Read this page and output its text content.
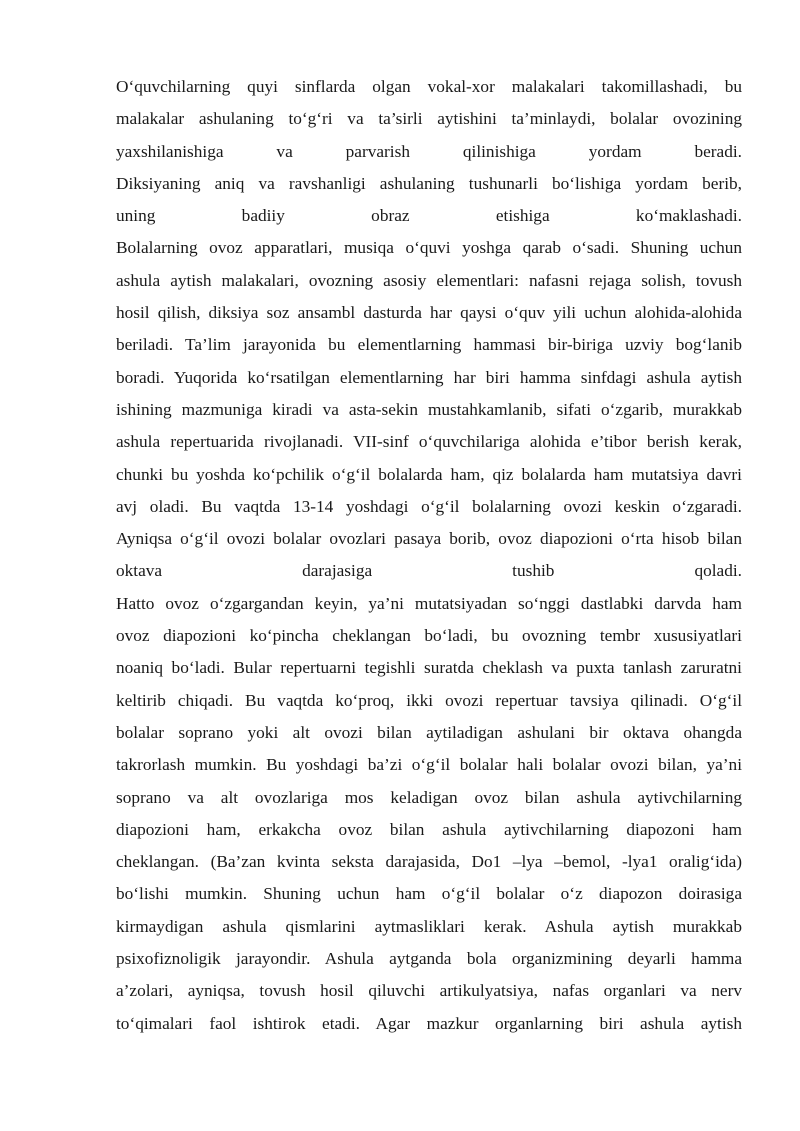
O‘quvchilarning quyi sinflarda olgan vokal-xor malakalari takomillashadi, bu
malakalar ashulaning to‘g‘ri va ta’sirli aytishini ta’minlaydi, bolalar ovozining
yaxshilanishiga va parvarish qilinishiga yordam beradi.
Diksiyaning aniq va ravshanligi ashulaning tushunarli bo‘lishiga yordam berib,
uning badiiy obraz etishiga ko‘maklashadi.
Bolalarning ovoz apparatlari, musiqa o‘quvi yoshga qarab o‘sadi. Shuning uchun
ashula aytish malakalari, ovozning asosiy elementlari: nafasni rejaga solish, tovush
hosil qilish, diksiya soz ansambl dasturda har qaysi o‘quv yili uchun alohida-alohida
beriladi. Ta’lim jarayonida bu elementlarning hammasi bir-biriga uzviy bog‘lanib
boradi. Yuqorida ko‘rsatilgan elementlarning har biri hamma sinfdagi ashula aytish
ishining mazmuniga kiradi va asta-sekin mustahkamlanib, sifati o‘zgarib, murakkab
ashula repertuarida rivojlanadi. VII-sinf o‘quvchilariga alohida e’tibor berish kerak,
chunki bu yoshda ko‘pchilik o‘g‘il bolalarda ham, qiz bolalarda ham mutatsiya davri
avj oladi. Bu vaqtda 13-14 yoshdagi o‘g‘il bolalarning ovozi keskin o‘zgaradi.
Ayniqsa o‘g‘il ovozi bolalar ovozlari pasaya borib, ovoz diapozioni o‘rta hisob bilan
oktava darajasiga tushib qoladi.
Hatto ovoz o‘zgargandan keyin, ya’ni mutatsiyadan so‘nggi dastlabki darvda ham
ovoz diapozioni ko‘pincha cheklangan bo‘ladi, bu ovozning tembr xususiyatlari
noaniq bo‘ladi. Bular repertuarni tegishli suratda cheklash va puxta tanlash zaruratni
keltirib chiqadi. Bu vaqtda ko‘proq, ikki ovozi repertuar tavsiya qilinadi. O‘g‘il
bolalar soprano yoki alt ovozi bilan aytiladigan ashulani bir oktava ohangda
takrorlash mumkin. Bu yoshdagi ba’zi o‘g‘il bolalar hali bolalar ovozi bilan, ya’ni
soprano va alt ovozlariga mos keladigan ovoz bilan ashula aytivchilarning
diapozioni ham, erkakcha ovoz bilan ashula aytivchilarning diapozoni ham
cheklangan. (Ba’zan kvinta seksta darajasida, Do1 –lya –bemol, -lya1 oralig‘ida)
bo‘lishi mumkin. Shuning uchun ham o‘g‘il bolalar o‘z diapozon doirasiga
kirmaydigan ashula qismlarini aytmasliklari kerak. Ashula aytish murakkab
psixofiznoligik jarayondir. Ashula aytganda bola organizmining deyarli hamma
a’zolari, ayniqsa, tovush hosil qiluvchi artikulyatsiya, nafas organlari va nerv
to‘qimalari faol ishtirok etadi. Agar mazkur organlarning biri ashula aytish
